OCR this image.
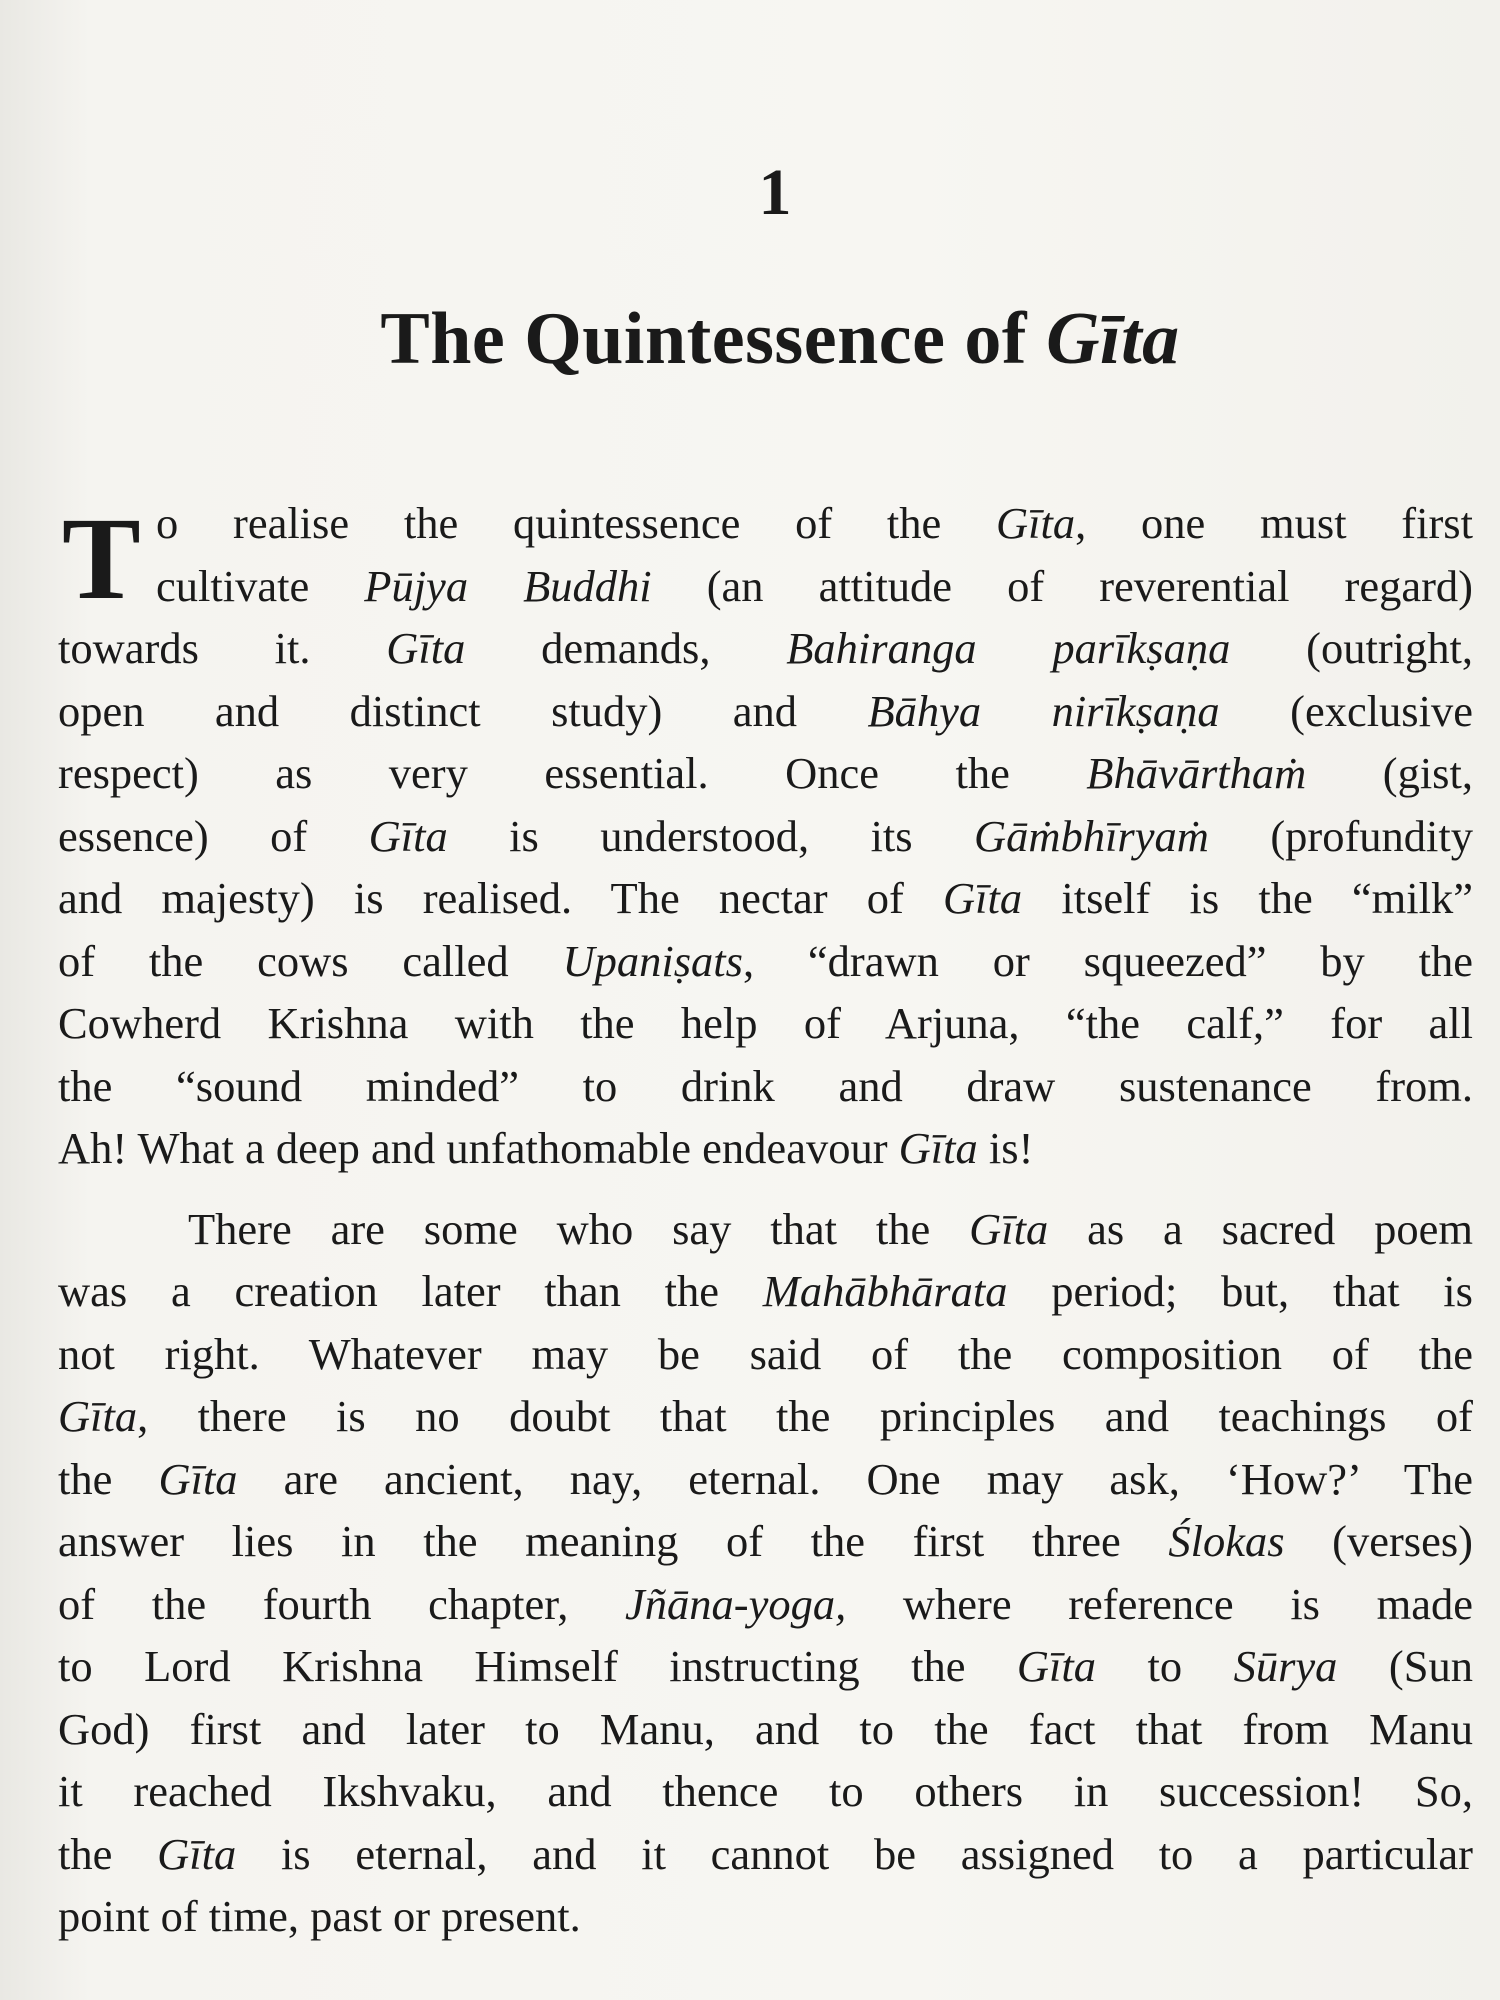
1
The Quintessence of Gīta
T o realise the quintessence of the Gīta, one must first
cultivate Pūjya Buddhi (an attitude of reverential regard)
towards it. Gīta demands, Bahiranga parīkṣaṇa (outright,
open and distinct study) and Bāhya nirīkṣaṇa (exclusive
respect) as very essential. Once the Bhāvārthaṁ (gist,
essence) of Gīta is understood, its Gāṁbhīryaṁ (profundity
and majesty) is realised. The nectar of Gīta itself is the “milk”
of the cows called Upaniṣats, “drawn or squeezed” by the
Cowherd Krishna with the help of Arjuna, “the calf,” for all
the “sound minded” to drink and draw sustenance from.
Ah! What a deep and unfathomable endeavour Gīta is!
There are some who say that the Gīta as a sacred poem
was a creation later than the Mahābhārata period; but, that is
not right. Whatever may be said of the composition of the
Gīta, there is no doubt that the principles and teachings of
the Gīta are ancient, nay, eternal. One may ask, ‘How?’ The
answer lies in the meaning of the first three Ślokas (verses)
of the fourth chapter, Jñāna-yoga, where reference is made
to Lord Krishna Himself instructing the Gīta to Sūrya (Sun
God) first and later to Manu, and to the fact that from Manu
it reached Ikshvaku, and thence to others in succession! So,
the Gīta is eternal, and it cannot be assigned to a particular
point of time, past or present.
